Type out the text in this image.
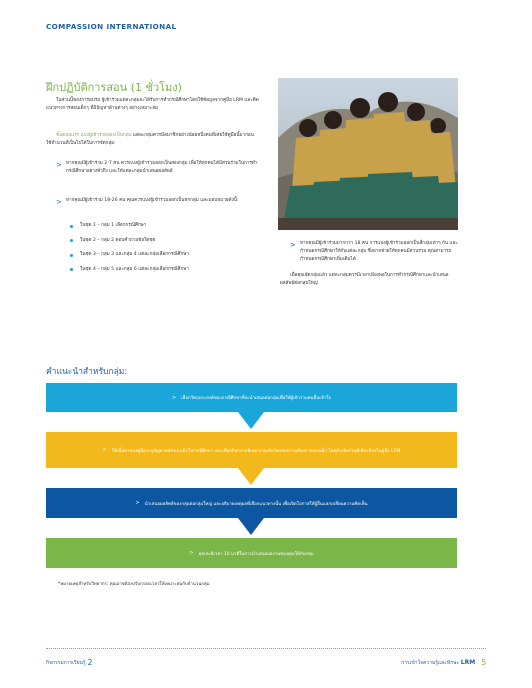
COMPASSION INTERNATIONAL
ฝึกปฏิบัติการสอน (1 ชั่วโมง)
ในส่วนนี้ของการอบรม ผู้เข้าร่วมแต่ละกลุ่มจะได้รับการทำกรณีศึกษาโดยใช้ข้อมูลจากคู่มือ LRM และคิดแนวทางการสอนเด็กๆ ที่มีปัญหาด้านต่างๆ อย่างเหมาะสม
ขั้นตอนแรก แบ่งผู้เข้าร่วมออกเป็นกลุ่ม แต่ละกลุ่มควรมีสมาชิกอย่างน้อยหนึ่งคนที่เคยใช้คู่มือนี้มาก่อน ใช้จำนวนที่เป็นไปได้ในการจัดกลุ่ม:
> หากคุณมีผู้เข้าร่วม 2-7 คน ควรแบ่งผู้เข้าร่วมออกเป็นสองกลุ่ม เพื่อให้ทุกคนได้มีส่วนร่วมในการทำกรณีศึกษาอย่างทั่วถึง และให้แต่ละกลุ่มนำเสนอผลลัพธ์
> หากคุณมีผู้เข้าร่วม 18-26 คน คุณควรแบ่งผู้เข้าร่วมออกเป็นหกกลุ่ม และมอบหมายดังนี้:
ในชุด 1 – กลุ่ม 1 เลือกกรณีศึกษา
ในชุด 2 – กลุ่ม 2 ตอบคำถามข้อใดชุด
ในชุด 3 – กลุ่ม 3 และกลุ่ม 4 แต่ละกลุ่มเลือกกรณีศึกษา
ในชุด 4 – กลุ่ม 5 และกลุ่ม 6 แต่ละกลุ่มเลือกกรณีศึกษา
> หากคุณมีผู้เข้าร่วมมากกว่า 18 คน การแบ่งผู้เข้าร่วมออกเป็นสี่กลุ่มเท่าๆ กัน และกำหนดกรณีศึกษาให้กับแต่ละกลุ่ม ซึ่งอาจช่วยให้ทุกคนมีส่วนร่วม คุณสามารถกำหนดกรณีศึกษาเพิ่มเติมได้
เมื่อคุณจัดกลุ่มแล้ว แต่ละกลุ่มควรมีเวลาเพียงพอในการทำกรณีศึกษาและนำเสนอผลลัพธ์ต่อกลุ่มใหญ่
คำแนะนำสำหรับกลุ่ม:
> เลือกวัตถุประสงค์ของกรณีศึกษาที่จะนำเสนอต่อกลุ่มเพื่อให้ผู้เข้าร่วมคนอื่นเข้าใจ
> ใช้เนื้อหาของคู่มือระบุปัญหาหลักของเด็กในกรณีศึกษา และเลือกกิจกรรมที่เหมาะสมกับวัยและความต้องการของเด็ก โดยอ้างอิงส่วนที่เกี่ยวข้องในคู่มือ LRM
> นำเสนอผลลัพธ์ของกลุ่มต่อกลุ่มใหญ่ และอธิบายเหตุผลที่เลือกแนวทางนั้น เพื่อเปิดโอกาสให้ผู้อื่นแลกเปลี่ยนความคิดเห็น
> คุณจะมีเวลา 10 นาทีในการนำเสนอผลงานของคุณให้กับกลุ่ม
*หมายเหตุสำหรับวิทยากร: คุณอาจต้องปรับกรอบเวลาให้เหมาะสมกับจำนวนกลุ่ม
กิจกรรมการเรียนรู้ 2	การเข้าใจความรู้และทักษะ LRM 5
